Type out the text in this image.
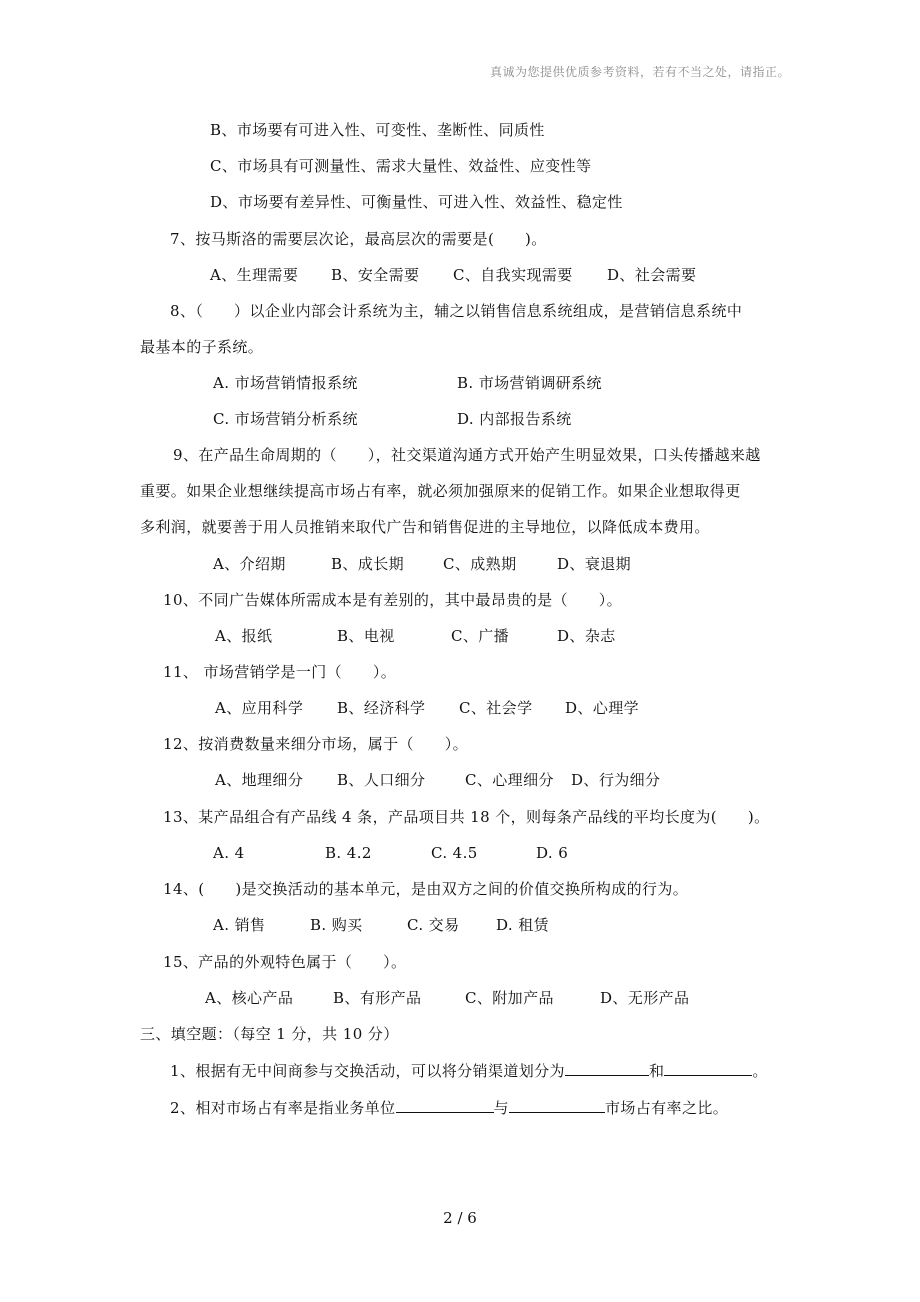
真诚为您提供优质参考资料，若有不当之处，请指正。
B、市场要有可进入性、可变性、垄断性、同质性
C、市场具有可测量性、需求大量性、效益性、应变性等
D、市场要有差异性、可衡量性、可进入性、效益性、稳定性
7、按马斯洛的需要层次论，最高层次的需要是(　　)。
A、生理需要 B、安全需要 C、自我实现需要 D、社会需要
8、（　　）以企业内部会计系统为主，辅之以销售信息系统组成，是营销信息系统中
最基本的子系统。
A. 市场营销情报系统	B. 市场营销调研系统
C. 市场营销分析系统	D. 内部报告系统
9、在产品生命周期的（　　），社交渠道沟通方式开始产生明显效果，口头传播越来越
重要。如果企业想继续提高市场占有率，就必须加强原来的促销工作。如果企业想取得更
多利润，就要善于用人员推销来取代广告和销售促进的主导地位，以降低成本费用。
A、介绍期	B、成长期	C、成熟期	D、衰退期
10、不同广告媒体所需成本是有差别的，其中最昂贵的是（　　）。
A、报纸	B、电视	C、广播	D、杂志
11、 市场营销学是一门（　　）。
A、应用科学 B、经济科学 C、社会学 D、心理学
12、按消费数量来细分市场，属于（　　）。
A、地理细分 B、人口细分	C、心理细分 D、行为细分
13、某产品组合有产品线 4 条，产品项目共 18 个，则每条产品线的平均长度为(　　)。
A. 4	B. 4.2	C. 4.5	D. 6
14、(　　)是交换活动的基本单元，是由双方之间的价值交换所构成的行为。
A. 销售	B. 购买	C. 交易 D. 租赁
15、产品的外观特色属于（　　）。
A、核心产品	B、有形产品	C、附加产品	D、无形产品
三、填空题：（每空 1 分，共 10 分）
1、根据有无中间商参与交换活动，可以将分销渠道划分为	和	。
2、相对市场占有率是指业务单位	与	市场占有率之比。
2 / 6
